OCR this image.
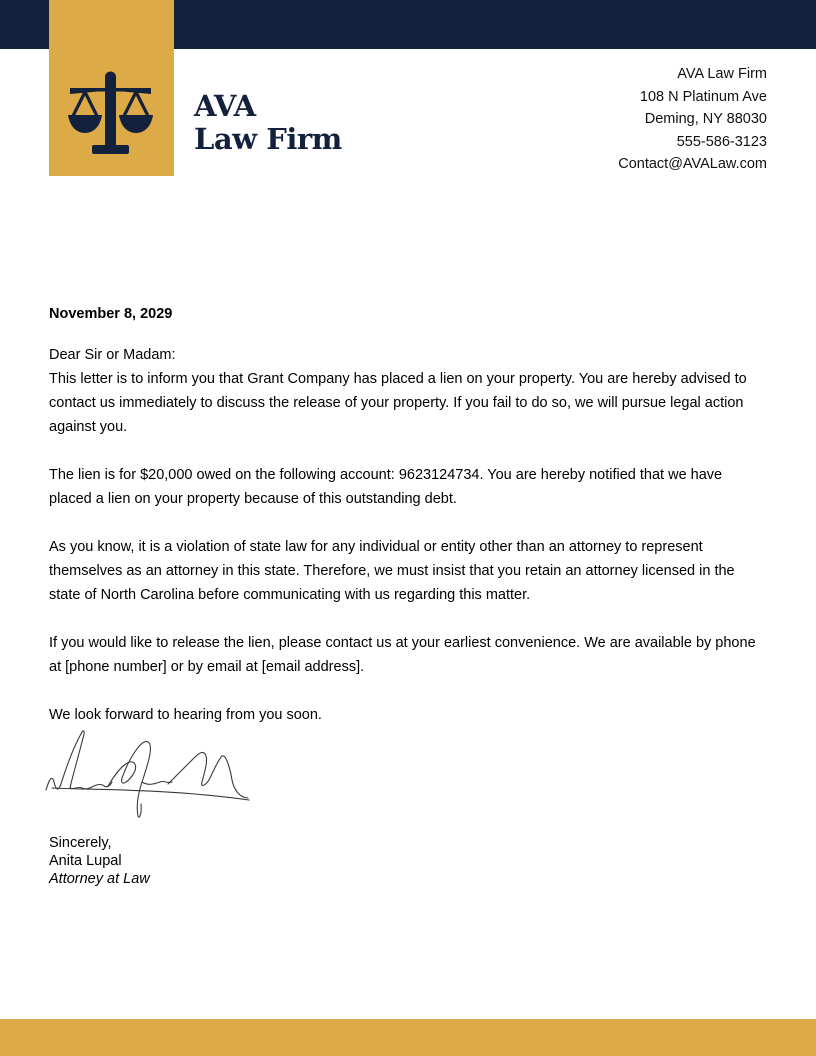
AVA
Law Firm
AVA Law Firm
108 N Platinum Ave
Deming, NY 88030
555-586-3123
Contact@AVALaw.com
November 8, 2029

Dear Sir or Madam:

This letter is to inform you that Grant Company has placed a lien on your property. You are hereby advised to contact us immediately to discuss the release of your property. If you fail to do so, we will pursue legal action against you.

The lien is for $20,000 owed on the following account: 9623124734. You are hereby notified that we have placed a lien on your property because of this outstanding debt.

As you know, it is a violation of state law for any individual or entity other than an attorney to represent themselves as an attorney in this state. Therefore, we must insist that you retain an attorney licensed in the state of North Carolina before communicating with us regarding this matter.

If you would like to release the lien, please contact us at your earliest convenience. We are available by phone at [phone number] or by email at [email address].

We look forward to hearing from you soon.

Sincerely,
Anita Lupal
Attorney at Law
